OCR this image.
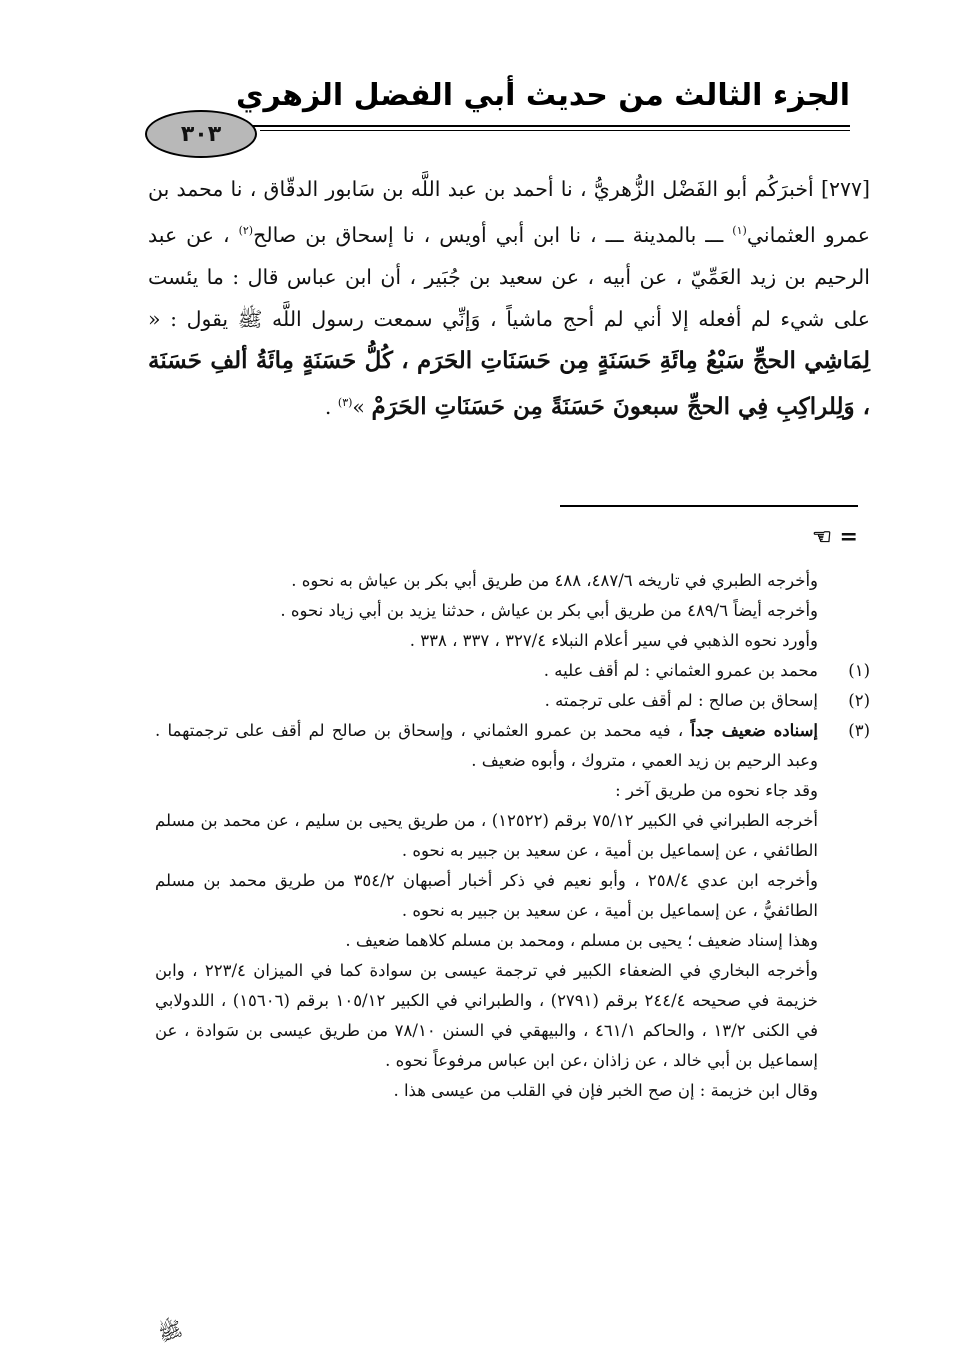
الجزء الثالث من حديث أبي الفضل الزهري
٣٠٣

[٢٧٧] أخبرَكُم أبو الفَضْل الزُّهريُّ ، نا أحمد بن عبد اللَّه بن سَابور الدقّاق ، نا محمد بن عمرو العثماني$^{(١)}$ ـــ بالمدينة ـــ ، نا ابن أبي أويس ، نا إسحاق بن صالح$^{(٢)}$ ، عن عبد الرحيم بن زيد العَمِّيّ ، عن أبيه ، عن سعيد بن جُبَير ، أن ابن عباس قال : ما يئست على شيء لم أفعله إلا أني لم أحج ماشياً ، وَإنِّي سمعت رسول اللَّه ﷺ يقول : « لِمَاشِي الحجِّ سَبْعُ مِائَةِ حَسَنَةٍ مِن حَسَنَاتِ الحَرَم ، كُلُّ حَسَنَةٍ مِائَةُ ألفِ حَسَنَة ، وَلِلراكِبِ فِي الحجِّ سبعونَ حَسَنَةً مِن حَسَنَاتِ الحَرَمْ »$^{(٣)}$ .

= ☜

وأخرجه الطبري في تاريخه ٤٨٧/٦، ٤٨٨ من طريق أبي بكر بن عياش به نحوه .

وأخرجه أيضاً ٤٨٩/٦ من طريق أبي بكر بن عياش ، حدثنا يزيد بن أبي زياد نحوه .

وأورد نحوه الذهبي في سير أعلام النبلاء ٣٢٧/٤ ، ٣٣٧ ، ٣٣٨ .

(١)
محمد بن عمرو العثماني : لم أقف عليه .

(٢)
إسحاق بن صالح : لم أقف على ترجمته .

(٣)
إسناده ضعيف جداً ، فيه محمد بن عمرو العثماني ، وإسحاق بن صالح لم أقف على ترجمتهما . وعبد الرحيم بن زيد العمي ، متروك ، وأبوه ضعيف .

وقد جاء نحوه من طريق آخر :

أخرجه الطبراني في الكبير ٧٥/١٢ برقم (١٢٥٢٢) ، من طريق يحيى بن سليم ، عن محمد بن مسلم الطائفي ، عن إسماعيل بن أمية ، عن سعيد بن جبير به نحوه .

وأخرجه ابن عدي ٢٥٨/٤ ، وأبو نعيم في ذكر أخبار أصبهان ٣٥٤/٢ من طريق محمد بن مسلم الطائفيُّ ، عن إسماعيل بن أمية ، عن سعيد بن جبير به نحوه .

وهذا إسناد ضعيف ؛ يحيى بن مسلم ، ومحمد بن مسلم كلاهما ضعيف .

وأخرجه البخاري في الضعفاء الكبير في ترجمة عيسى بن سوادة كما في الميزان ٢٢٣/٤ ، وابن خزيمة في صحيحه ٢٤٤/٤ برقم (٢٧٩١) ، والطبراني في الكبير ١٠٥/١٢ برقم (١٥٦٠٦) ، اللدولابي في الكنى ١٣/٢ ، والحاكم ٤٦١/١ ، والبيهقي في السنن ٧٨/١٠ من طريق عيسى بن سَوادة ، عن إسماعيل بن أبي خالد ، عن زاذان ،عن ابن عباس مرفوعاً نحوه .

وقال ابن خزيمة : إن صح الخبر فإن في القلب من عيسى هذا .

ﷺ
